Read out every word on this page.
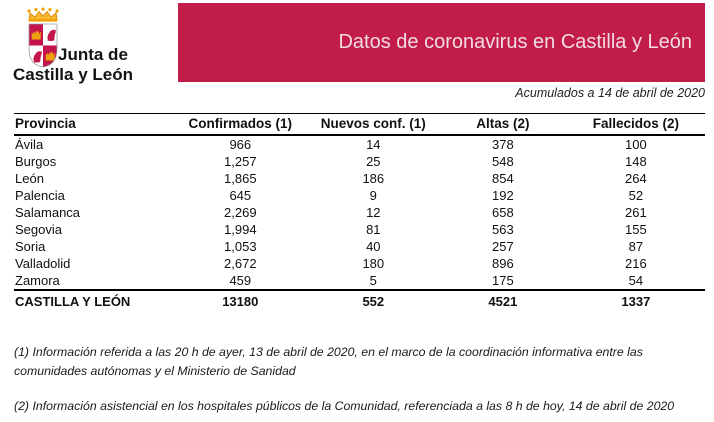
Junta de
Castilla y León
Datos de coronavirus en Castilla y León
Acumulados a 14 de abril de 2020
Provincia	Confirmados (1)	Nuevos conf. (1)	Altas (2)	Fallecidos (2)
Ávila	966	14	378	100
Burgos	1,257	25	548	148
León	1,865	186	854	264
Palencia	645	9	192	52
Salamanca	2,269	12	658	261
Segovia	1,994	81	563	155
Soria	1,053	40	257	87
Valladolid	2,672	180	896	216
Zamora	459	5	175	54
CASTILLA Y LEÓN	13180	552	4521	1337
(1) Información referida a las 20 h de ayer, 13 de abril de 2020, en el marco de la coordinación informativa entre las comunidades autónomas y el Ministerio de Sanidad
(2) Información asistencial en los hospitales públicos de la Comunidad, referenciada a las 8 h de hoy, 14 de abril de 2020
